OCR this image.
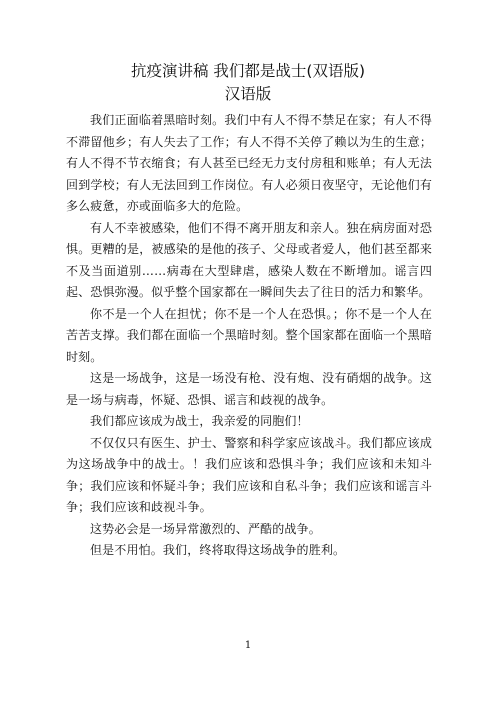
抗疫演讲稿 我们都是战士(双语版)
汉语版

我们正面临着黑暗时刻。我们中有人不得不禁足在家；有人不得不滞留他乡；有人失去了工作；有人不得不关停了赖以为生的生意；有人不得不节衣缩食；有人甚至已经无力支付房租和账单；有人无法回到学校；有人无法回到工作岗位。有人必须日夜坚守，无论他们有多么疲惫，亦或面临多大的危险。

有人不幸被感染，他们不得不离开朋友和亲人。独在病房面对恐惧。更糟的是，被感染的是他的孩子、父母或者爱人，他们甚至都来不及当面道别……病毒在大型肆虐，感染人数在不断增加。谣言四起、恐惧弥漫。似乎整个国家都在一瞬间失去了往日的活力和繁华。

你不是一个人在担忧；你不是一个人在恐惧。；你不是一个人在苦苦支撑。我们都在面临一个黑暗时刻。整个国家都在面临一个黑暗时刻。

这是一场战争，这是一场没有枪、没有炮、没有硝烟的战争。这是一场与病毒，怀疑、恐惧、谣言和歧视的战争。

我们都应该成为战士，我亲爱的同胞们！

不仅仅只有医生、护士、警察和科学家应该战斗。我们都应该成为这场战争中的战士。！我们应该和恐惧斗争；我们应该和未知斗争；我们应该和怀疑斗争；我们应该和自私斗争；我们应该和谣言斗争；我们应该和歧视斗争。

这势必会是一场异常激烈的、严酷的战争。

但是不用怕。我们，终将取得这场战争的胜利。

1
